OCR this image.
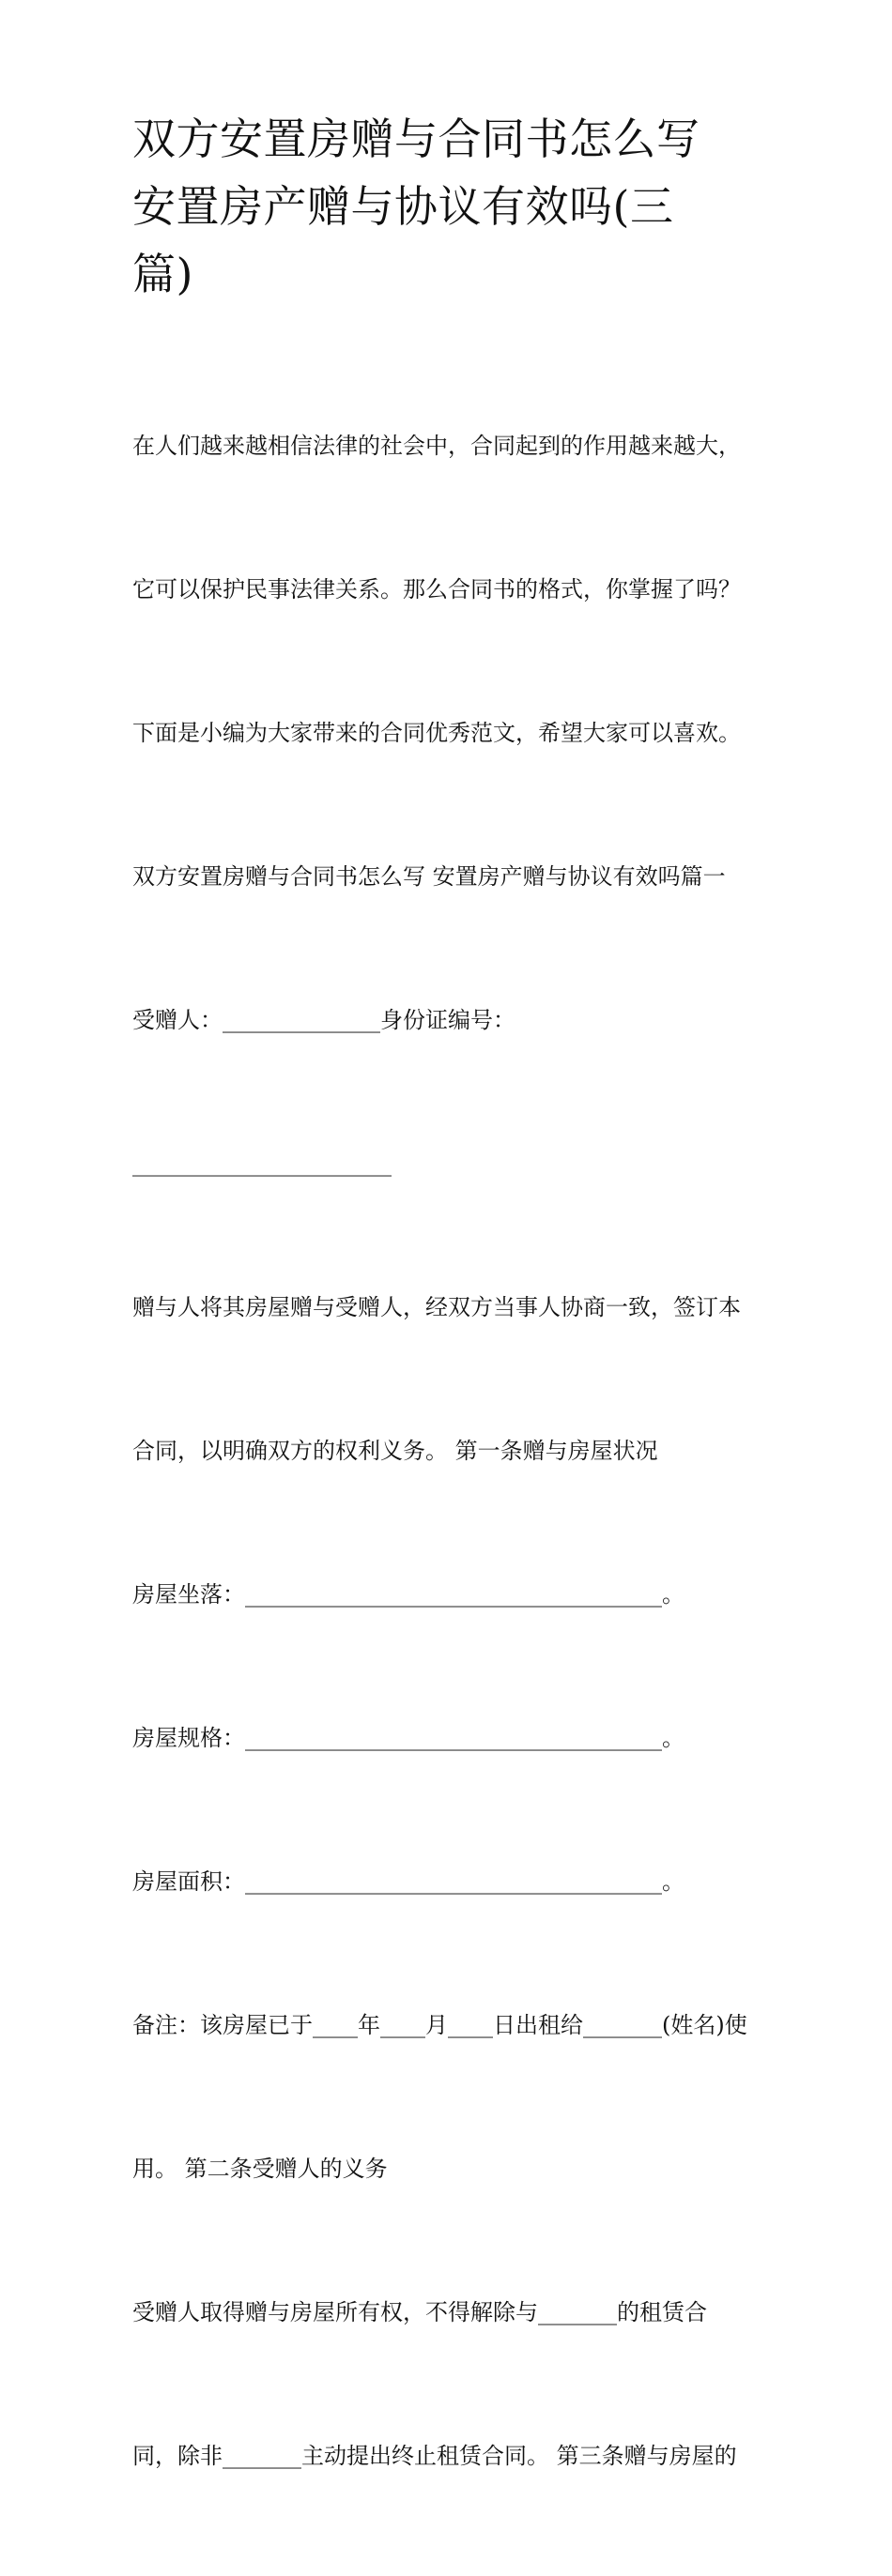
双方安置房赠与合同书怎么写
安置房产赠与协议有效吗(三
篇)

在人们越来越相信法律的社会中，合同起到的作用越来越大，

它可以保护民事法律关系。那么合同书的格式，你掌握了吗？

下面是小编为大家带来的合同优秀范文，希望大家可以喜欢。

双方安置房赠与合同书怎么写 安置房产赠与协议有效吗篇一

受赠人：______________身份证编号：

_______________________

赠与人将其房屋赠与受赠人，经双方当事人协商一致，签订本

合同，以明确双方的权利义务。 第一条赠与房屋状况

房屋坐落：_____________________________________。

房屋规格：_____________________________________。

房屋面积：_____________________________________。

备注：该房屋已于____年____月____日出租给_______(姓名)使

用。 第二条受赠人的义务

受赠人取得赠与房屋所有权，不得解除与_______的租赁合

同，除非_______主动提出终止租赁合同。 第三条赠与房屋的
